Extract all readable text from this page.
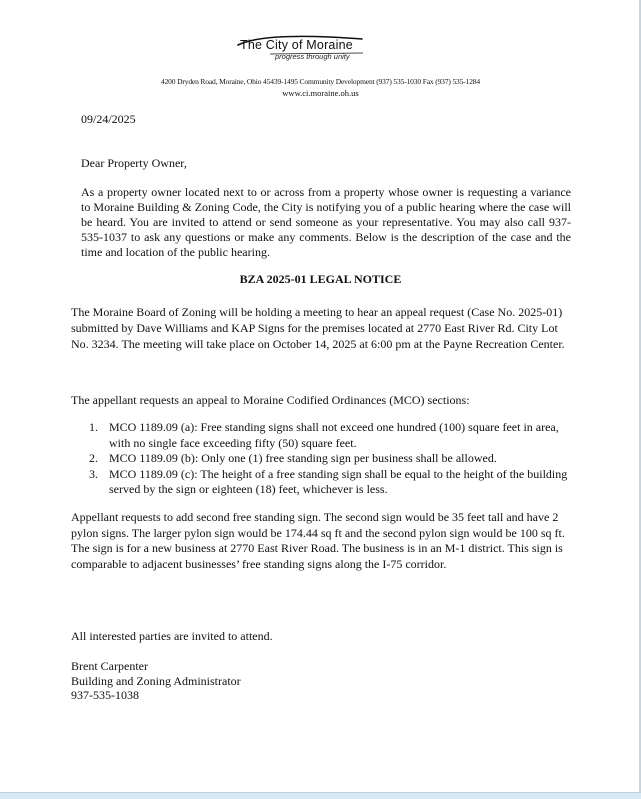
The City of Moraine
progress through unity
4200 Dryden Road, Moraine, Ohio 45439-1495 Community Development (937) 535-1030 Fax (937) 535-1284
www.ci.moraine.oh.us
09/24/2025
Dear Property Owner,
As a property owner located next to or across from a property whose owner is requesting a variance to Moraine Building & Zoning Code, the City is notifying you of a public hearing where the case will be heard. You are invited to attend or send someone as your representative. You may also call 937-535-1037 to ask any questions or make any comments. Below is the description of the case and the time and location of the public hearing.
BZA 2025-01 LEGAL NOTICE
The Moraine Board of Zoning will be holding a meeting to hear an appeal request (Case No. 2025-01) submitted by Dave Williams and KAP Signs for the premises located at 2770 East River Rd. City Lot No. 3234. The meeting will take place on October 14, 2025 at 6:00 pm at the Payne Recreation Center.
The appellant requests an appeal to Moraine Codified Ordinances (MCO) sections:
1. MCO 1189.09 (a): Free standing signs shall not exceed one hundred (100) square feet in area, with no single face exceeding fifty (50) square feet.
2. MCO 1189.09 (b): Only one (1) free standing sign per business shall be allowed.
3. MCO 1189.09 (c): The height of a free standing sign shall be equal to the height of the building served by the sign or eighteen (18) feet, whichever is less.
Appellant requests to add second free standing sign. The second sign would be 35 feet tall and have 2 pylon signs. The larger pylon sign would be 174.44 sq ft and the second pylon sign would be 100 sq ft. The sign is for a new business at 2770 East River Road. The business is in an M-1 district. This sign is comparable to adjacent businesses’ free standing signs along the I-75 corridor.
All interested parties are invited to attend.
Brent Carpenter
Building and Zoning Administrator
937-535-1038
